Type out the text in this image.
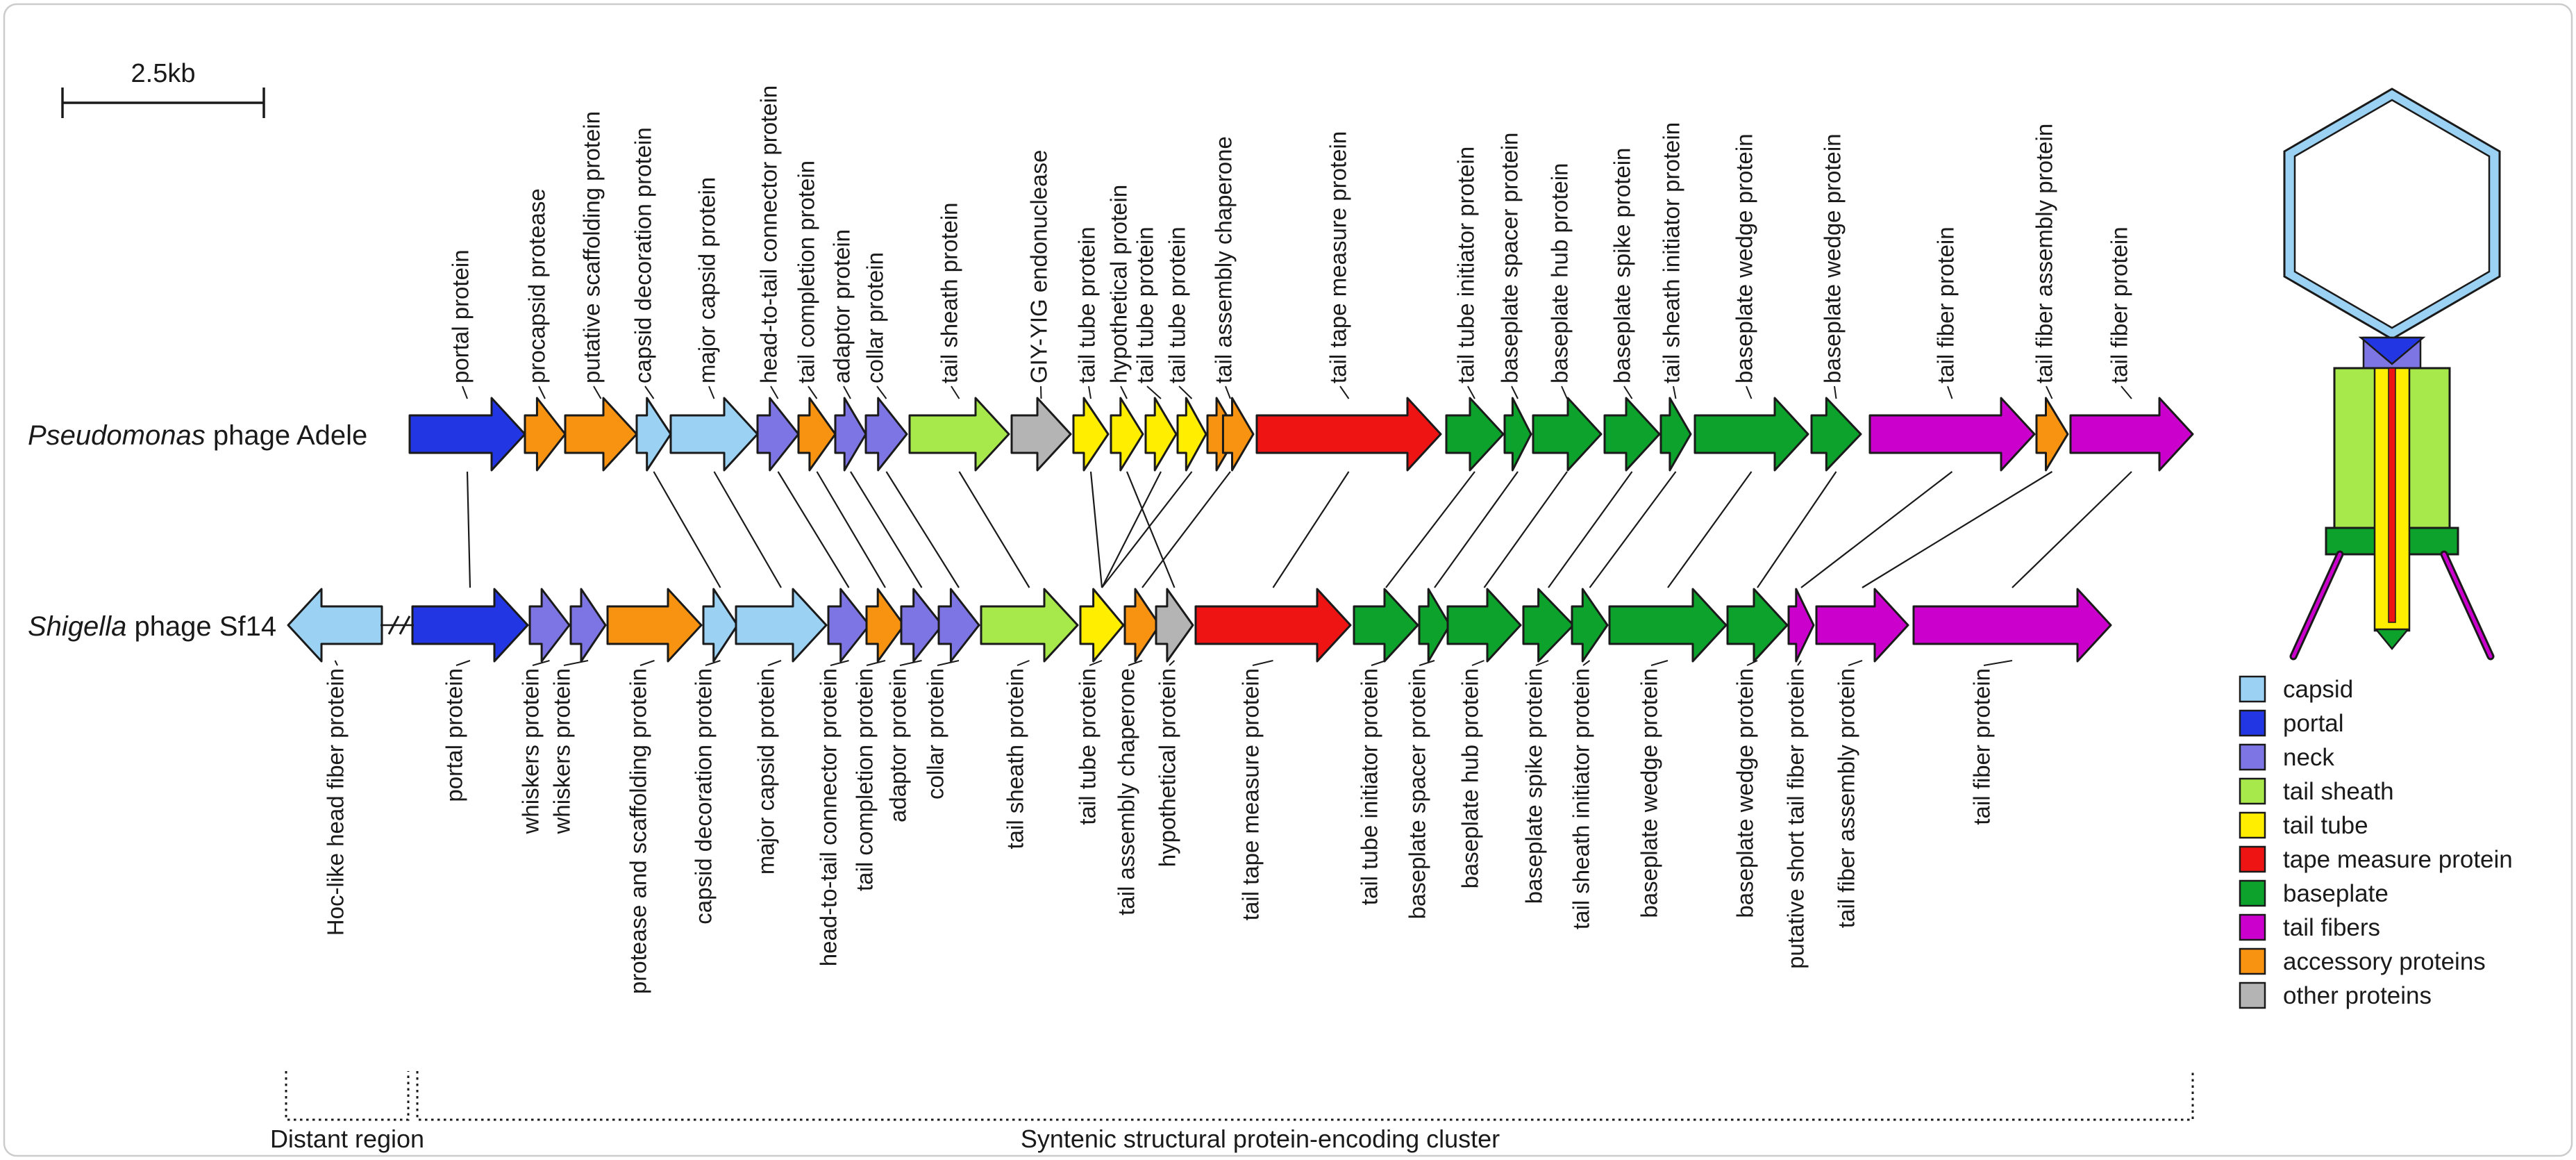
portal protein procapsid protease putative scaffolding protein capsid decoration protein major capsid protein head-to-tail connector protein tail completion protein adaptor protein collar protein tail sheath protein	GIY-YIG endonuclease tail tube protein hypothetical protein tail tube protein tail tube protein tail assembly chaperone	tail tape measure protein	tail tube initiator protein baseplate spacer protein baseplate hub protein baseplate spike protein tail sheath initiator protein baseplate wedge protein	baseplate wedge protein	tail fiber protein	tail fiber assembly protein tail fiber protein
Hoc-like head fiber protein	portal protein whiskers protein whiskers protein protease and scaffolding protein capsid decoration protein major capsid protein head-to-tail connector protein tail completion protein adaptor protein collar protein tail sheath protein tail tube protein tail assembly chaperone hypothetical protein	tail tape measure protein	tail tube initiator protein baseplate spacer protein baseplate hub protein baseplate spike protein tail sheath initiator protein baseplate wedge protein	baseplate wedge protein putative short tail fiber protein tail fiber assembly protein	tail fiber protein
Pseudomonas phage Adele
Shigella phage Sf14
2.5kb
Distant region	Syntenic structural protein-encoding cluster
capsid
portal
neck
tail sheath
tail tube
tape measure protein
baseplate
tail fibers
accessory proteins
other proteins
